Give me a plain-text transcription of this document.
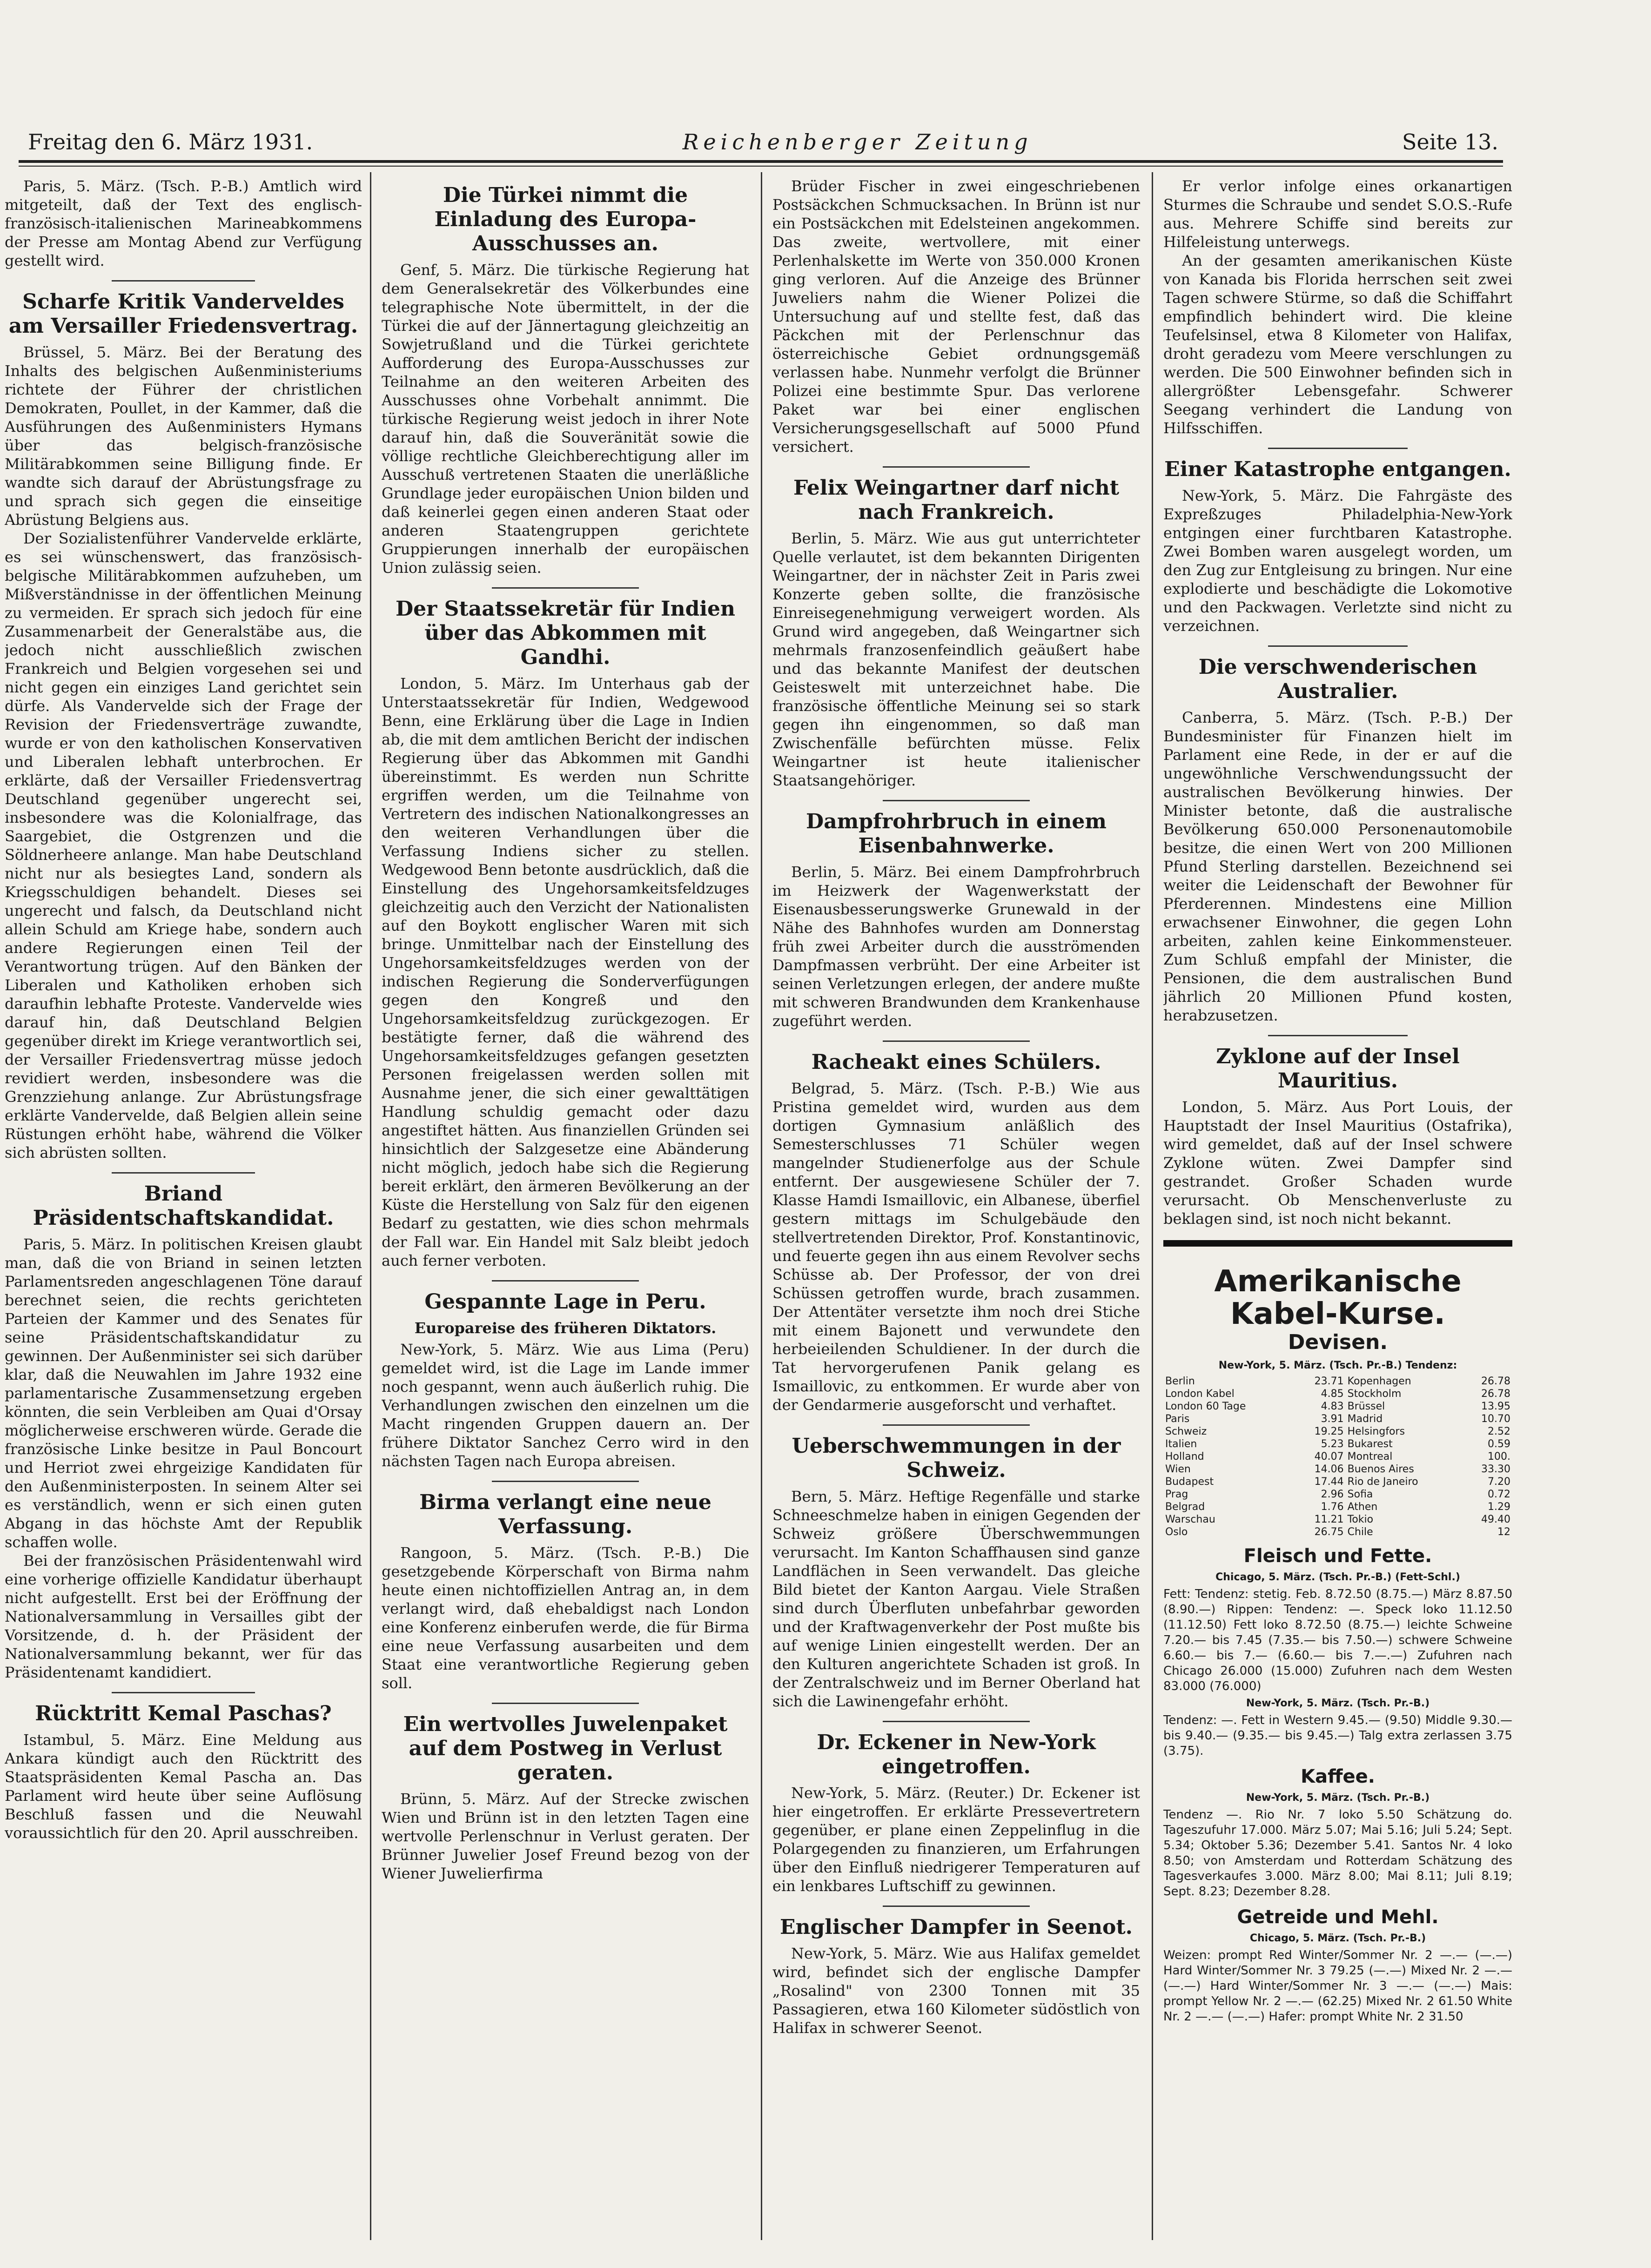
Freitag den 6. März 1931.	Reichenberger Zeitung	Seite 13.

Paris, 5. März. (Tsch. P.-B.) Amtlich wird mitgeteilt, daß der Text des englisch-französisch-italienischen Marineabkommens der Presse am Montag Abend zur Verfügung gestellt wird.

Scharfe Kritik Vanderveldes am Versailler Friedensvertrag.

Brüssel, 5. März. Bei der Beratung des Inhalts des belgischen Außenministeriums richtete der Führer der christlichen Demokraten, Poullet, in der Kammer, daß die Ausführungen des Außenministers Hymans über das belgisch-französische Militärabkommen seine Billigung finde. Er wandte sich darauf der Abrüstungsfrage zu und sprach sich gegen die einseitige Abrüstung Belgiens aus.

Der Sozialistenführer Vandervelde erklärte, es sei wünschenswert, das französisch-belgische Militärabkommen aufzuheben, um Mißverständnisse in der öffentlichen Meinung zu vermeiden. Er sprach sich jedoch für eine Zusammenarbeit der Generalstäbe aus, die jedoch nicht ausschließlich zwischen Frankreich und Belgien vorgesehen sei und nicht gegen ein einziges Land gerichtet sein dürfe. Als Vandervelde sich der Frage der Revision der Friedensverträge zuwandte, wurde er von den katholischen Konservativen und Liberalen lebhaft unterbrochen. Er erklärte, daß der Versailler Friedensvertrag Deutschland gegenüber ungerecht sei, insbesondere was die Kolonialfrage, das Saargebiet, die Ostgrenzen und die Söldnerheere anlange. Man habe Deutschland nicht nur als besiegtes Land, sondern als Kriegsschuldigen behandelt. Dieses sei ungerecht und falsch, da Deutschland nicht allein Schuld am Kriege habe, sondern auch andere Regierungen einen Teil der Verantwortung trügen. Auf den Bänken der Liberalen und Katholiken erhoben sich daraufhin lebhafte Proteste. Vandervelde wies darauf hin, daß Deutschland Belgien gegenüber direkt im Kriege verantwortlich sei, der Versailler Friedensvertrag müsse jedoch revidiert werden, insbesondere was die Grenzziehung anlange. Zur Abrüstungsfrage erklärte Vandervelde, daß Belgien allein seine Rüstungen erhöht habe, während die Völker sich abrüsten sollten.

Briand Präsidentschaftskandidat.

Paris, 5. März. In politischen Kreisen glaubt man, daß die von Briand in seinen letzten Parlamentsreden angeschlagenen Töne darauf berechnet seien, die rechts gerichteten Parteien der Kammer und des Senates für seine Präsidentschaftskandidatur zu gewinnen. Der Außenminister sei sich darüber klar, daß die Neuwahlen im Jahre 1932 eine parlamentarische Zusammensetzung ergeben könnten, die sein Verbleiben am Quai d'Orsay möglicherweise erschweren würde. Gerade die französische Linke besitze in Paul Boncourt und Herriot zwei ehrgeizige Kandidaten für den Außenministerposten. In seinem Alter sei es verständlich, wenn er sich einen guten Abgang in das höchste Amt der Republik schaffen wolle.

Bei der französischen Präsidentenwahl wird eine vorherige offizielle Kandidatur überhaupt nicht aufgestellt. Erst bei der Eröffnung der Nationalversammlung in Versailles gibt der Vorsitzende, d. h. der Präsident der Nationalversammlung bekannt, wer für das Präsidentenamt kandidiert.

Rücktritt Kemal Paschas?

Istambul, 5. März. Eine Meldung aus Ankara kündigt auch den Rücktritt des Staatspräsidenten Kemal Pascha an. Das Parlament wird heute über seine Auflösung Beschluß fassen und die Neuwahl voraussichtlich für den 20. April ausschreiben.

Die Türkei nimmt die Einladung des Europa-Ausschusses an.

Genf, 5. März. Die türkische Regierung hat dem Generalsekretär des Völkerbundes eine telegraphische Note übermittelt, in der die Türkei die auf der Jännertagung gleichzeitig an Sowjetrußland und die Türkei gerichtete Aufforderung des Europa-Ausschusses zur Teilnahme an den weiteren Arbeiten des Ausschusses ohne Vorbehalt annimmt. Die türkische Regierung weist jedoch in ihrer Note darauf hin, daß die Souveränität sowie die völlige rechtliche Gleichberechtigung aller im Ausschuß vertretenen Staaten die unerläßliche Grundlage jeder europäischen Union bilden und daß keinerlei gegen einen anderen Staat oder anderen Staatengruppen gerichtete Gruppierungen innerhalb der europäischen Union zulässig seien.

Der Staatssekretär für Indien über das Abkommen mit Gandhi.

London, 5. März. Im Unterhaus gab der Unterstaatssekretär für Indien, Wedgewood Benn, eine Erklärung über die Lage in Indien ab, die mit dem amtlichen Bericht der indischen Regierung über das Abkommen mit Gandhi übereinstimmt. Es werden nun Schritte ergriffen werden, um die Teilnahme von Vertretern des indischen Nationalkongresses an den weiteren Verhandlungen über die Verfassung Indiens sicher zu stellen. Wedgewood Benn betonte ausdrücklich, daß die Einstellung des Ungehorsamkeitsfeldzuges gleichzeitig auch den Verzicht der Nationalisten auf den Boykott englischer Waren mit sich bringe. Unmittelbar nach der Einstellung des Ungehorsamkeitsfeldzuges werden von der indischen Regierung die Sonderverfügungen gegen den Kongreß und den Ungehorsamkeitsfeldzug zurückgezogen. Er bestätigte ferner, daß die während des Ungehorsamkeitsfeldzuges gefangen gesetzten Personen freigelassen werden sollen mit Ausnahme jener, die sich einer gewalttätigen Handlung schuldig gemacht oder dazu angestiftet hätten. Aus finanziellen Gründen sei hinsichtlich der Salzgesetze eine Abänderung nicht möglich, jedoch habe sich die Regierung bereit erklärt, den ärmeren Bevölkerung an der Küste die Herstellung von Salz für den eigenen Bedarf zu gestatten, wie dies schon mehrmals der Fall war. Ein Handel mit Salz bleibt jedoch auch ferner verboten.

Gespannte Lage in Peru.
Europareise des früheren Diktators.

New-York, 5. März. Wie aus Lima (Peru) gemeldet wird, ist die Lage im Lande immer noch gespannt, wenn auch äußerlich ruhig. Die Verhandlungen zwischen den einzelnen um die Macht ringenden Gruppen dauern an. Der frühere Diktator Sanchez Cerro wird in den nächsten Tagen nach Europa abreisen.

Birma verlangt eine neue Verfassung.

Rangoon, 5. März. (Tsch. P.-B.) Die gesetzgebende Körperschaft von Birma nahm heute einen nichtoffiziellen Antrag an, in dem verlangt wird, daß ehebaldigst nach London eine Konferenz einberufen werde, die für Birma eine neue Verfassung ausarbeiten und dem Staat eine verantwortliche Regierung geben soll.

Ein wertvolles Juwelenpaket auf dem Postweg in Verlust geraten.

Brünn, 5. März. Auf der Strecke zwischen Wien und Brünn ist in den letzten Tagen eine wertvolle Perlenschnur in Verlust geraten. Der Brünner Juwelier Josef Freund bezog von der Wiener Juwelierfirma

Brüder Fischer in zwei eingeschriebenen Postsäckchen Schmucksachen. In Brünn ist nur ein Postsäckchen mit Edelsteinen angekommen. Das zweite, wertvollere, mit einer Perlenhalskette im Werte von 350.000 Kronen ging verloren. Auf die Anzeige des Brünner Juweliers nahm die Wiener Polizei die Untersuchung auf und stellte fest, daß das Päckchen mit der Perlenschnur das österreichische Gebiet ordnungsgemäß verlassen habe. Nunmehr verfolgt die Brünner Polizei eine bestimmte Spur. Das verlorene Paket war bei einer englischen Versicherungsgesellschaft auf 5000 Pfund versichert.

Felix Weingartner darf nicht nach Frankreich.

Berlin, 5. März. Wie aus gut unterrichteter Quelle verlautet, ist dem bekannten Dirigenten Weingartner, der in nächster Zeit in Paris zwei Konzerte geben sollte, die französische Einreisegenehmigung verweigert worden. Als Grund wird angegeben, daß Weingartner sich mehrmals franzosenfeindlich geäußert habe und das bekannte Manifest der deutschen Geisteswelt mit unterzeichnet habe. Die französische öffentliche Meinung sei so stark gegen ihn eingenommen, so daß man Zwischenfälle befürchten müsse. Felix Weingartner ist heute italienischer Staatsangehöriger.

Dampfrohrbruch in einem Eisenbahnwerke.

Berlin, 5. März. Bei einem Dampfrohrbruch im Heizwerk der Wagenwerkstatt der Eisenausbesserungswerke Grunewald in der Nähe des Bahnhofes wurden am Donnerstag früh zwei Arbeiter durch die ausströmenden Dampfmassen verbrüht. Der eine Arbeiter ist seinen Verletzungen erlegen, der andere mußte mit schweren Brandwunden dem Krankenhause zugeführt werden.

Racheakt eines Schülers.

Belgrad, 5. März. (Tsch. P.-B.) Wie aus Pristina gemeldet wird, wurden aus dem dortigen Gymnasium anläßlich des Semesterschlusses 71 Schüler wegen mangelnder Studienerfolge aus der Schule entfernt. Der ausgewiesene Schüler der 7. Klasse Hamdi Ismaillovic, ein Albanese, überfiel gestern mittags im Schulgebäude den stellvertretenden Direktor, Prof. Konstantinovic, und feuerte gegen ihn aus einem Revolver sechs Schüsse ab. Der Professor, der von drei Schüssen getroffen wurde, brach zusammen. Der Attentäter versetzte ihm noch drei Stiche mit einem Bajonett und verwundete den herbeieilenden Schuldiener. In der durch die Tat hervorgerufenen Panik gelang es Ismaillovic, zu entkommen. Er wurde aber von der Gendarmerie ausgeforscht und verhaftet.

Ueberschwemmungen in der Schweiz.

Bern, 5. März. Heftige Regenfälle und starke Schneeschmelze haben in einigen Gegenden der Schweiz größere Überschwemmungen verursacht. Im Kanton Schaffhausen sind ganze Landflächen in Seen verwandelt. Das gleiche Bild bietet der Kanton Aargau. Viele Straßen sind durch Überfluten unbefahrbar geworden und der Kraftwagenverkehr der Post mußte bis auf wenige Linien eingestellt werden. Der an den Kulturen angerichtete Schaden ist groß. In der Zentralschweiz und im Berner Oberland hat sich die Lawinengefahr erhöht.

Dr. Eckener in New-York eingetroffen.

New-York, 5. März. (Reuter.) Dr. Eckener ist hier eingetroffen. Er erklärte Pressevertretern gegenüber, er plane einen Zeppelinflug in die Polargegenden zu finanzieren, um Erfahrungen über den Einfluß niedrigerer Temperaturen auf ein lenkbares Luftschiff zu gewinnen.

Englischer Dampfer in Seenot.

New-York, 5. März. Wie aus Halifax gemeldet wird, befindet sich der englische Dampfer „Rosalind" von 2300 Tonnen mit 35 Passagieren, etwa 160 Kilometer südöstlich von Halifax in schwerer Seenot.

Er verlor infolge eines orkanartigen Sturmes die Schraube und sendet S.O.S.-Rufe aus. Mehrere Schiffe sind bereits zur Hilfeleistung unterwegs.

An der gesamten amerikanischen Küste von Kanada bis Florida herrschen seit zwei Tagen schwere Stürme, so daß die Schiffahrt empfindlich behindert wird. Die kleine Teufelsinsel, etwa 8 Kilometer von Halifax, droht geradezu vom Meere verschlungen zu werden. Die 500 Einwohner befinden sich in allergrößter Lebensgefahr. Schwerer Seegang verhindert die Landung von Hilfsschiffen.

Einer Katastrophe entgangen.

New-York, 5. März. Die Fahrgäste des Expreßzuges Philadelphia-New-York entgingen einer furchtbaren Katastrophe. Zwei Bomben waren ausgelegt worden, um den Zug zur Entgleisung zu bringen. Nur eine explodierte und beschädigte die Lokomotive und den Packwagen. Verletzte sind nicht zu verzeichnen.

Die verschwenderischen Australier.

Canberra, 5. März. (Tsch. P.-B.) Der Bundesminister für Finanzen hielt im Parlament eine Rede, in der er auf die ungewöhnliche Verschwendungssucht der australischen Bevölkerung hinwies. Der Minister betonte, daß die australische Bevölkerung 650.000 Personenautomobile besitze, die einen Wert von 200 Millionen Pfund Sterling darstellen. Bezeichnend sei weiter die Leidenschaft der Bewohner für Pferderennen. Mindestens eine Million erwachsener Einwohner, die gegen Lohn arbeiten, zahlen keine Einkommensteuer. Zum Schluß empfahl der Minister, die Pensionen, die dem australischen Bund jährlich 20 Millionen Pfund kosten, herabzusetzen.

Zyklone auf der Insel Mauritius.

London, 5. März. Aus Port Louis, der Hauptstadt der Insel Mauritius (Ostafrika), wird gemeldet, daß auf der Insel schwere Zyklone wüten. Zwei Dampfer sind gestrandet. Großer Schaden wurde verursacht. Ob Menschenverluste zu beklagen sind, ist noch nicht bekannt.

Amerikanische Kabel-Kurse.
Devisen.
New-York, 5. März. (Tsch. Pr.-B.) Tendenz:
Berlin	23.71	Kopenhagen	26.78
London Kabel	4.85	Stockholm	26.78
London 60 Tage	4.83	Brüssel	13.95
Paris	3.91	Madrid	10.70
Schweiz	19.25	Helsingfors	2.52
Italien	5.23	Bukarest	0.59
Holland	40.07	Montreal	100.
Wien	14.06	Buenos Aires	33.30
Budapest	17.44	Rio de Janeiro	7.20
Prag	2.96	Sofia	0.72
Belgrad	1.76	Athen	1.29
Warschau	11.21	Tokio	49.40
Oslo	26.75	Chile	12
Fleisch und Fette.
Chicago, 5. März. (Tsch. Pr.-B.) (Fett-Schl.)

Fett: Tendenz: stetig. Feb. 8.72.50 (8.75.—) März 8.87.50 (8.90.—) Rippen: Tendenz: —. Speck loko 11.12.50 (11.12.50) Fett loko 8.72.50 (8.75.—) leichte Schweine 7.20.— bis 7.45 (7.35.— bis 7.50.—) schwere Schweine 6.60.— bis 7.— (6.60.— bis 7.—.—) Zufuhren nach Chicago 26.000 (15.000) Zufuhren nach dem Westen 83.000 (76.000)

New-York, 5. März. (Tsch. Pr.-B.)

Tendenz: —. Fett in Western 9.45.— (9.50) Middle 9.30.— bis 9.40.— (9.35.— bis 9.45.—) Talg extra zerlassen 3.75 (3.75).

Kaffee.
New-York, 5. März. (Tsch. Pr.-B.)

Tendenz —. Rio Nr. 7 loko 5.50 Schätzung do. Tageszufuhr 17.000. März 5.07; Mai 5.16; Juli 5.24; Sept. 5.34; Oktober 5.36; Dezember 5.41. Santos Nr. 4 loko 8.50; von Amsterdam und Rotterdam Schätzung des Tagesverkaufes 3.000. März 8.00; Mai 8.11; Juli 8.19; Sept. 8.23; Dezember 8.28.

Getreide und Mehl.
Chicago, 5. März. (Tsch. Pr.-B.)

Weizen: prompt Red Winter/Sommer Nr. 2 —.— (—.—) Hard Winter/Sommer Nr. 3 79.25 (—.—) Mixed Nr. 2 —.— (—.—) Hard Winter/Sommer Nr. 3 —.— (—.—) Mais: prompt Yellow Nr. 2 —.— (62.25) Mixed Nr. 2 61.50 White Nr. 2 —.— (—.—) Hafer: prompt White Nr. 2 31.50
